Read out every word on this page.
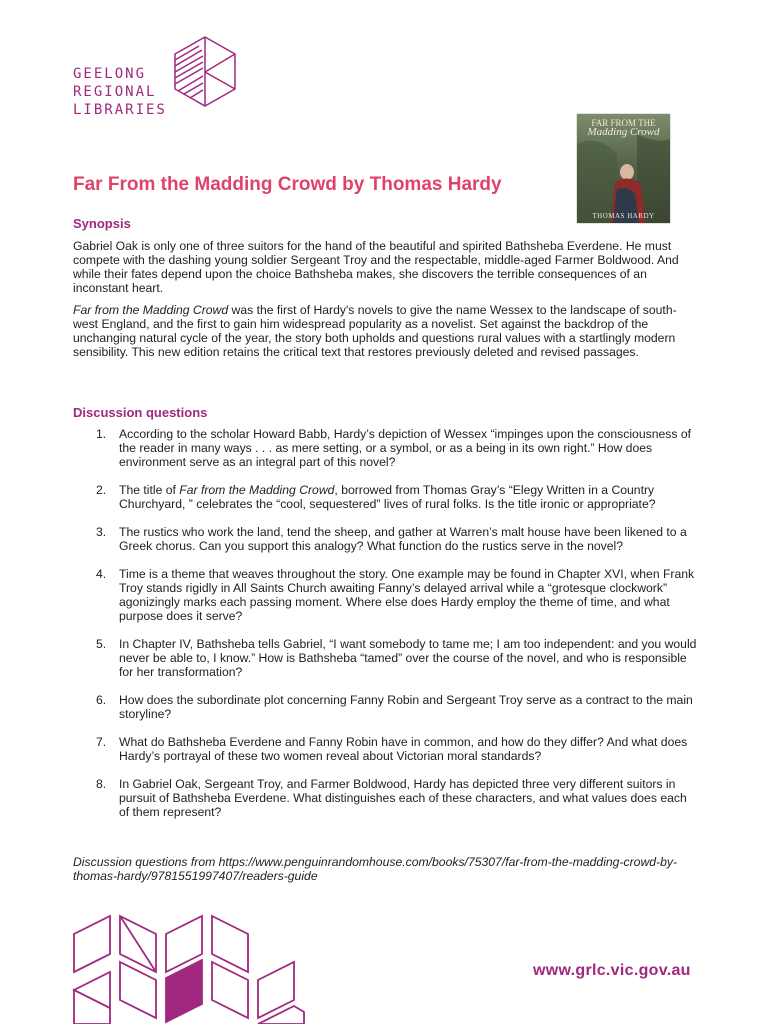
GEELONG
REGIONAL
LIBRARIES
FAR FROM THE
Madding Crowd
THOMAS HARDY
Far From the Madding Crowd by Thomas Hardy
Synopsis

Gabriel Oak is only one of three suitors for the hand of the beautiful and spirited Bathsheba Everdene. He must compete with the dashing young soldier Sergeant Troy and the respectable, middle-aged Farmer Boldwood. And while their fates depend upon the choice Bathsheba makes, she discovers the terrible consequences of an inconstant heart.

Far from the Madding Crowd was the first of Hardy's novels to give the name Wessex to the landscape of south-west England, and the first to gain him widespread popularity as a novelist. Set against the backdrop of the unchanging natural cycle of the year, the story both upholds and questions rural values with a startlingly modern sensibility. This new edition retains the critical text that restores previously deleted and revised passages.

Discussion questions
1. According to the scholar Howard Babb, Hardy’s depiction of Wessex “impinges upon the consciousness of the reader in many ways . . . as mere setting, or a symbol, or as a being in its own right.” How does environment serve as an integral part of this novel?
2. The title of Far from the Madding Crowd, borrowed from Thomas Gray’s “Elegy Written in a Country Churchyard, ” celebrates the “cool, sequestered” lives of rural folks. Is the title ironic or appropriate?
3. The rustics who work the land, tend the sheep, and gather at Warren’s malt house have been likened to a Greek chorus. Can you support this analogy? What function do the rustics serve in the novel?
4. Time is a theme that weaves throughout the story. One example may be found in Chapter XVI, when Frank Troy stands rigidly in All Saints Church awaiting Fanny’s delayed arrival while a “grotesque clockwork” agonizingly marks each passing moment. Where else does Hardy employ the theme of time, and what purpose does it serve?
5. In Chapter IV, Bathsheba tells Gabriel, “I want somebody to tame me; I am too independent: and you would never be able to, I know.” How is Bathsheba “tamed” over the course of the novel, and who is responsible for her transformation?
6. How does the subordinate plot concerning Fanny Robin and Sergeant Troy serve as a contract to the main storyline?
7. What do Bathsheba Everdene and Fanny Robin have in common, and how do they differ? And what does Hardy’s portrayal of these two women reveal about Victorian moral standards?
8. In Gabriel Oak, Sergeant Troy, and Farmer Boldwood, Hardy has depicted three very different suitors in pursuit of Bathsheba Everdene. What distinguishes each of these characters, and what values does each of them represent?

Discussion questions from https://www.penguinrandomhouse.com/books/75307/far-from-the-madding-crowd-by-thomas-hardy/9781551997407/readers-guide

www.grlc.vic.gov.au
